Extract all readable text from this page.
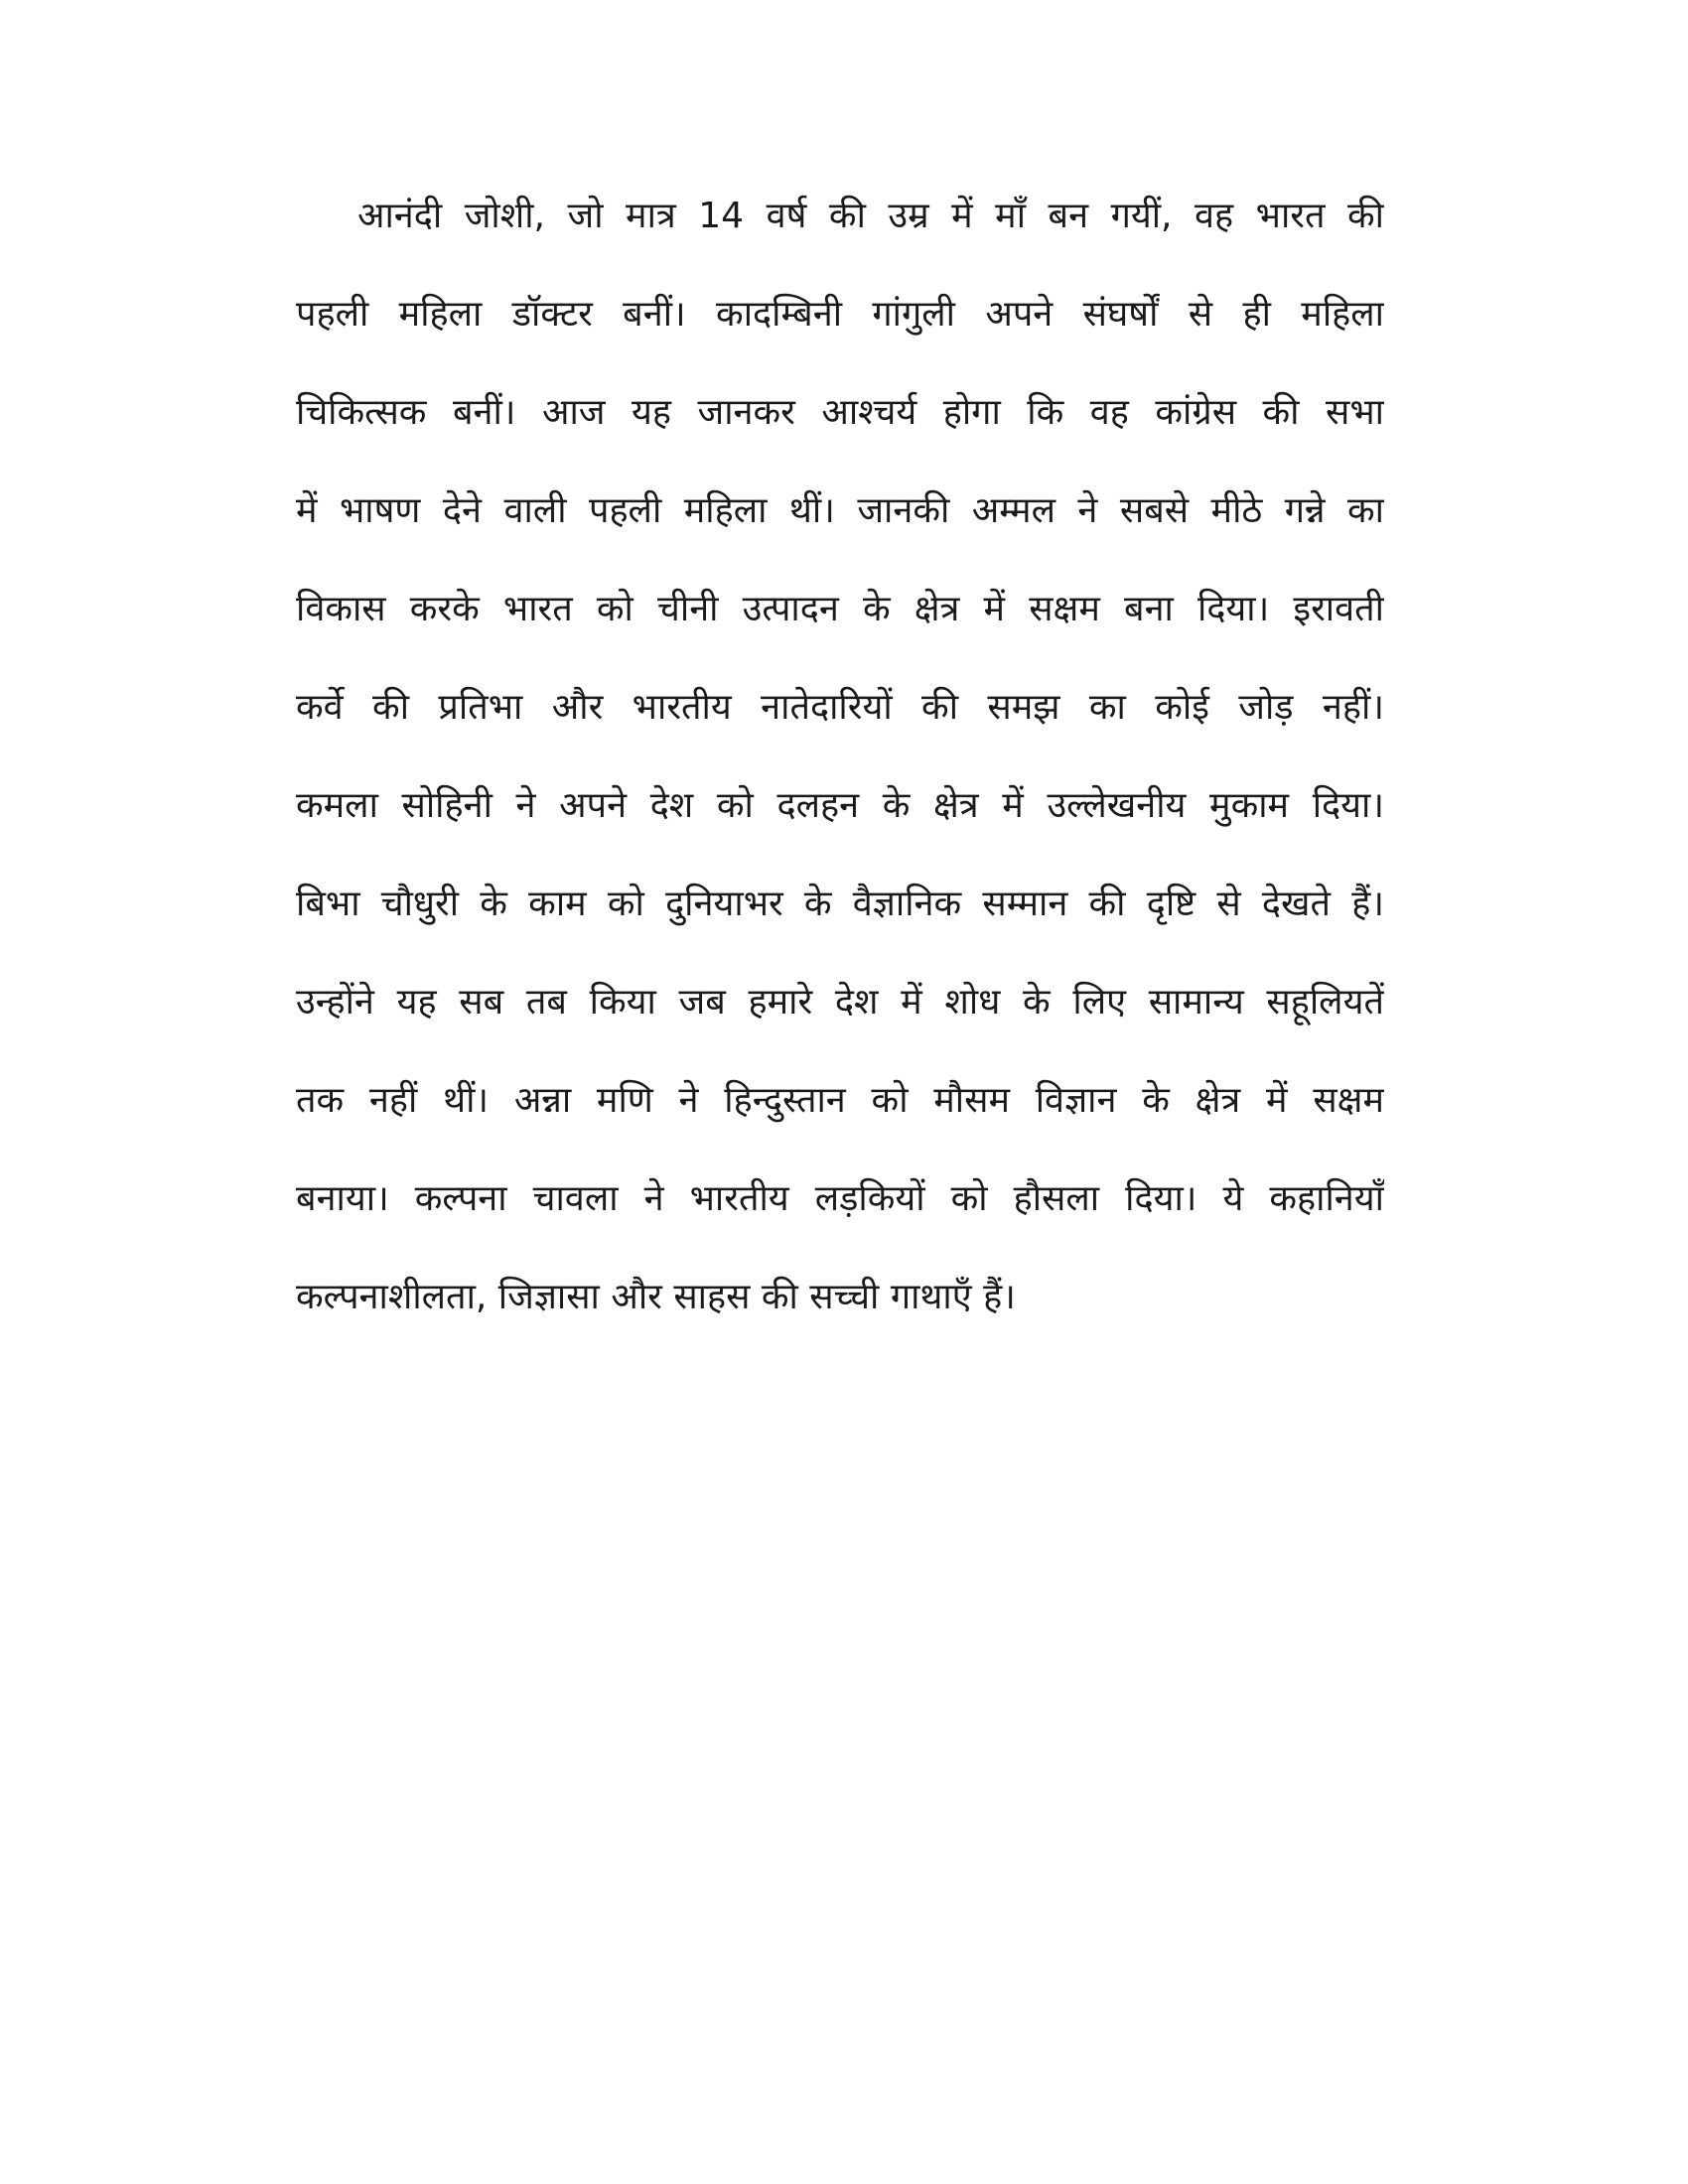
आनंदी जोशी, जो मात्र 14 वर्ष की उम्र में माँ बन गयीं, वह भारत की
पहली महिला डॉक्टर बनीं। कादम्बिनी गांगुली अपने संघर्षों से ही महिला
चिकित्सक बनीं। आज यह जानकर आश्चर्य होगा कि वह कांग्रेस की सभा
में भाषण देने वाली पहली महिला थीं। जानकी अम्मल ने सबसे मीठे गन्ने का
विकास करके भारत को चीनी उत्पादन के क्षेत्र में सक्षम बना दिया। इरावती
कर्वे की प्रतिभा और भारतीय नातेदारियों की समझ का कोई जोड़ नहीं।
कमला सोहिनी ने अपने देश को दलहन के क्षेत्र में उल्लेखनीय मुकाम दिया।
बिभा चौधुरी के काम को दुनियाभर के वैज्ञानिक सम्मान की दृष्टि से देखते हैं।
उन्होंने यह सब तब किया जब हमारे देश में शोध के लिए सामान्य सहूलियतें
तक नहीं थीं। अन्ना मणि ने हिन्दुस्तान को मौसम विज्ञान के क्षेत्र में सक्षम
बनाया। कल्पना चावला ने भारतीय लड़कियों को हौसला दिया। ये कहानियाँ
कल्पनाशीलता, जिज्ञासा और साहस की सच्ची गाथाएँ हैं।
